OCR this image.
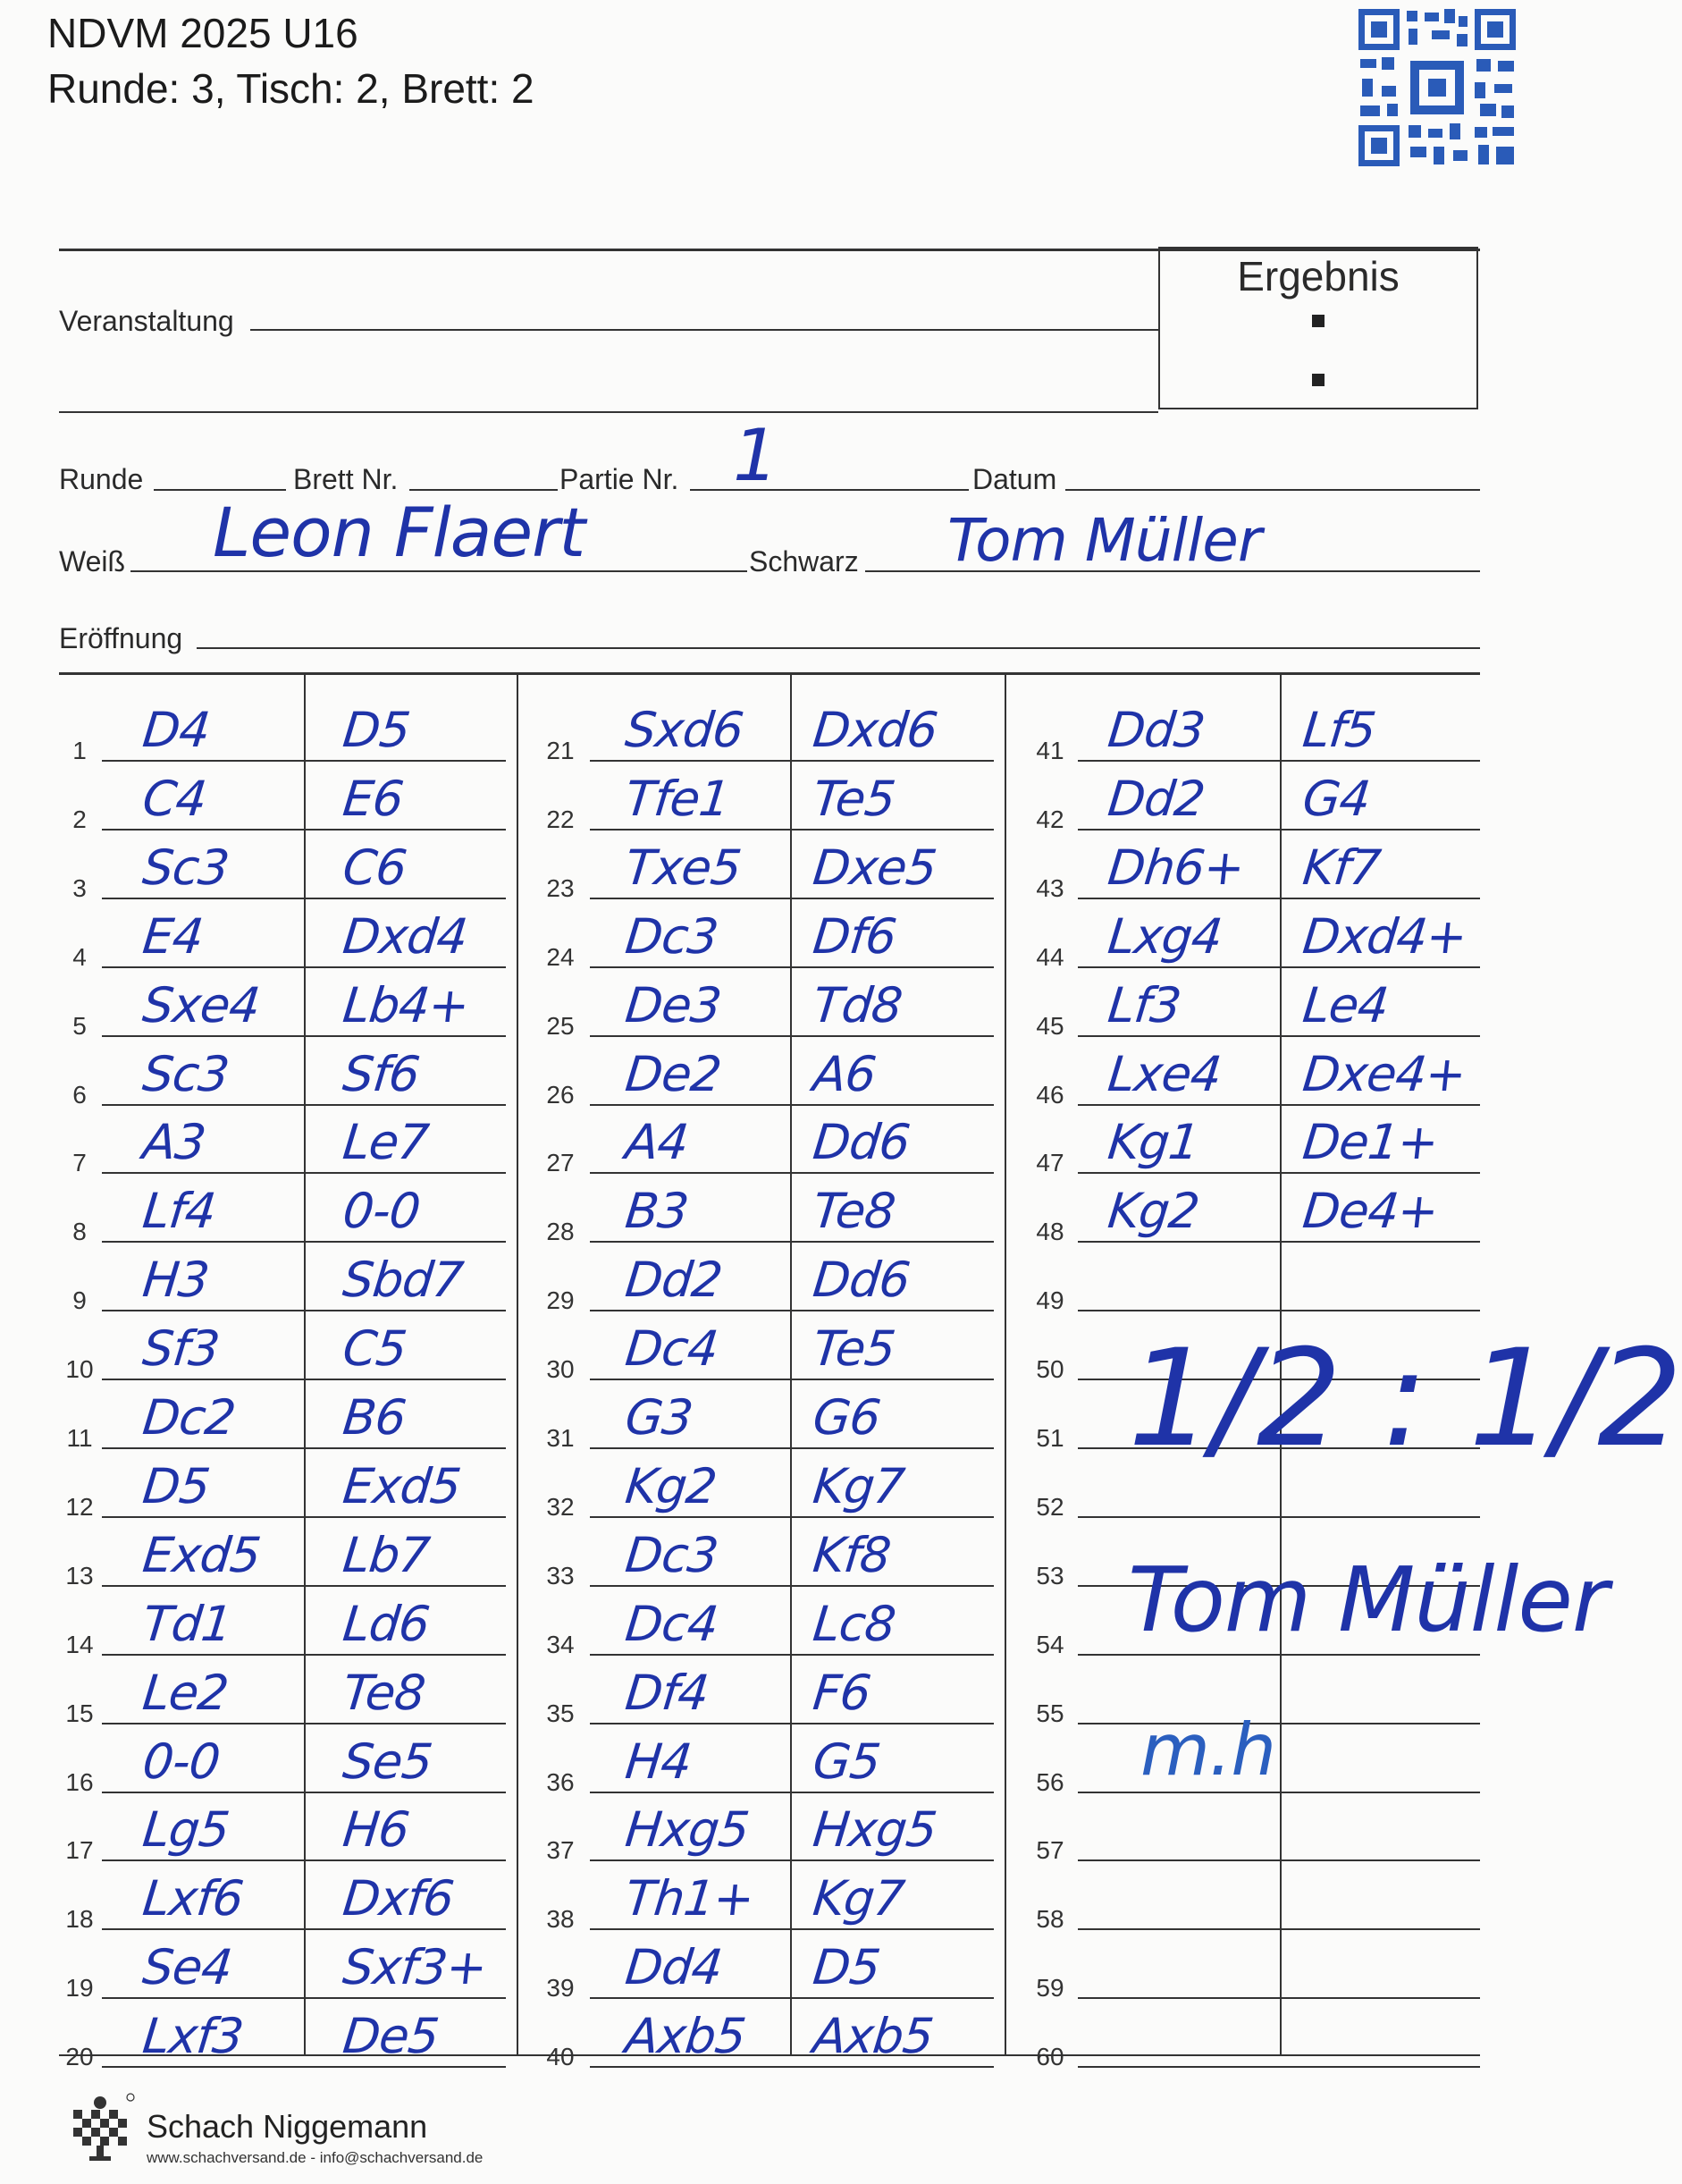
NDVM 2025 U16
Runde: 3, Tisch: 2, Brett: 2
Ergebnis
Veranstaltung
Runde	Brett Nr.	Partie Nr. 1	Datum
Weiß Leon Flaert	Schwarz Tom Müller
Eröffnung
1 D4	D5
2 C4	E6
3 Sc3 C6
4 E4	Dxd4
5 Sxe4 Lb4+
6 Sc3 Sf6
7 A3	Le7
8 Lf4	0-0
9 H3	Sbd7
10 Sf3 C5
11 Dc2 B6
12 D5	Exd5
13 Exd5 Lb7
14 Td1 Ld6
15 Le2 Te8
16 0-0 Se5
17 Lg5 H6
18 Lxf6 Dxf6
19 Se4 Sxf3+
20 Lxf3 De5
21 Sxd6 Dxd6
22 Tfe1 Te5
23 Txe5 Dxe5
24 Dc3 Df6
25 De3 Td8
26 De2 A6
27 A4 Dd6
28 B3 Te8
29 Dd2 Dd6
30 Dc4 Te5
31 G3 G6
32 Kg2 Kg7
33 Dc3 Kf8
34 Dc4 Lc8
35 Df4 F6
36 H4 G5
37 Hxg5 Hxg5
38 Th1+ Kg7
39 Dd4 D5
40 Axb5 Axb5
41 Dd3 Lf5
42 Dd2 G4
43 Dh6+ Kf7
44 Lxg4 Dxd4+
45 Lf3 Le4
46 Lxe4 Dxe4+
47 Kg1 De1+
48 Kg2 De4+
49
50
51
52
53
54
55
56
57
58
59
60
1/2 : 1/2
Tom Müller
m.h
Schach Niggemann
www.schachversand.de - info@schachversand.de
